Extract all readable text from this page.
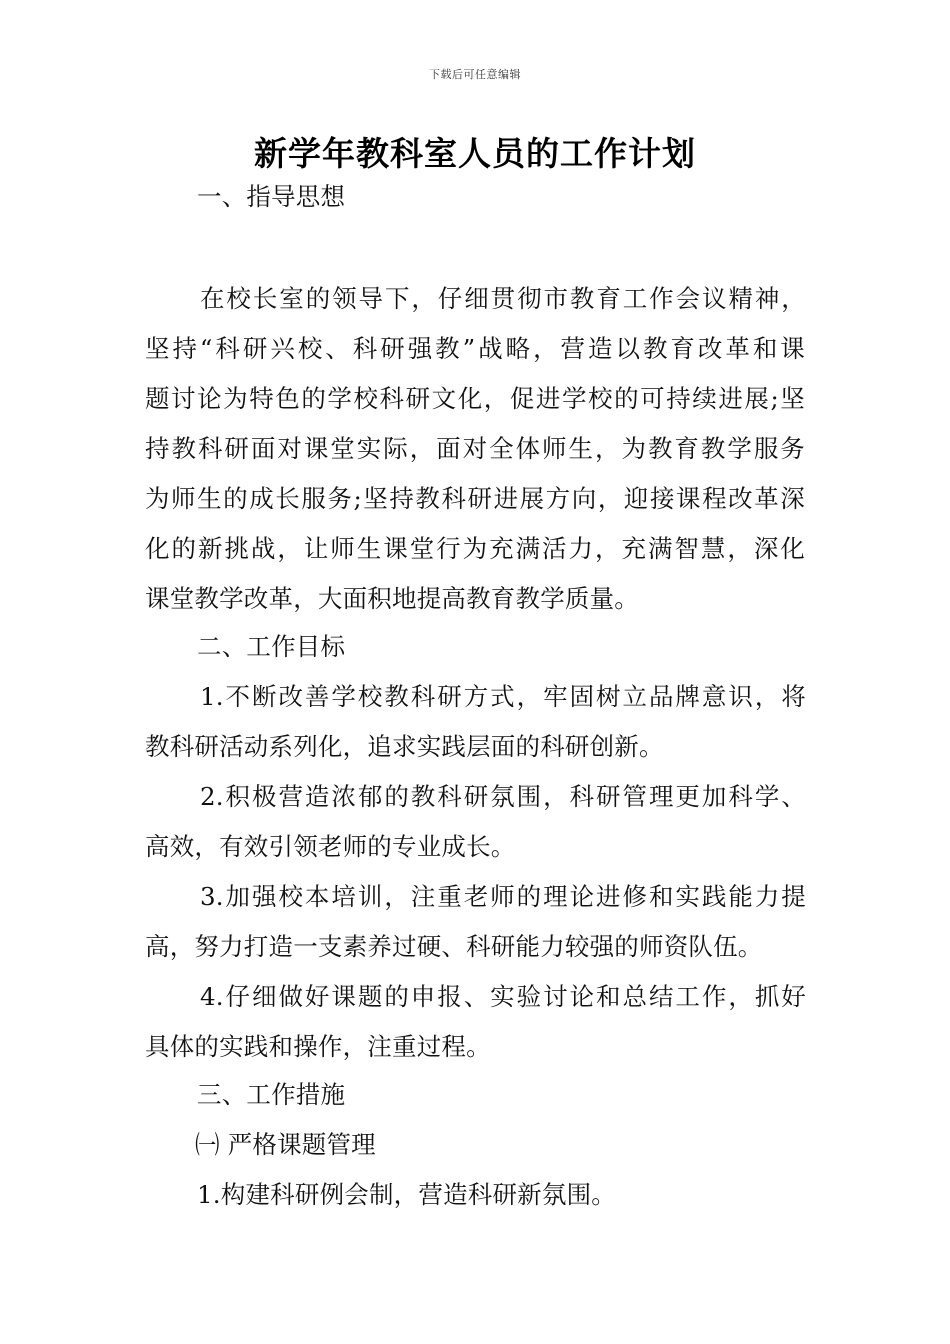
下载后可任意编辑
新学年教科室人员的工作计划
一、指导思想
在校长室的领导下，仔细贯彻市教育工作会议精神，
坚持“科研兴校、科研强教”战略，营造以教育改革和课
题讨论为特色的学校科研文化，促进学校的可持续进展;坚
持教科研面对课堂实际，面对全体师生，为教育教学服务
为师生的成长服务;坚持教科研进展方向，迎接课程改革深
化的新挑战，让师生课堂行为充满活力，充满智慧，深化
课堂教学改革，大面积地提高教育教学质量。
二、工作目标
1.不断改善学校教科研方式，牢固树立品牌意识，将
教科研活动系列化，追求实践层面的科研创新。
2.积极营造浓郁的教科研氛围，科研管理更加科学、
高效，有效引领老师的专业成长。
3.加强校本培训，注重老师的理论进修和实践能力提
高，努力打造一支素养过硬、科研能力较强的师资队伍。
4.仔细做好课题的申报、实验讨论和总结工作，抓好
具体的实践和操作，注重过程。
三、工作措施
㈠ 严格课题管理
1.构建科研例会制，营造科研新氛围。
